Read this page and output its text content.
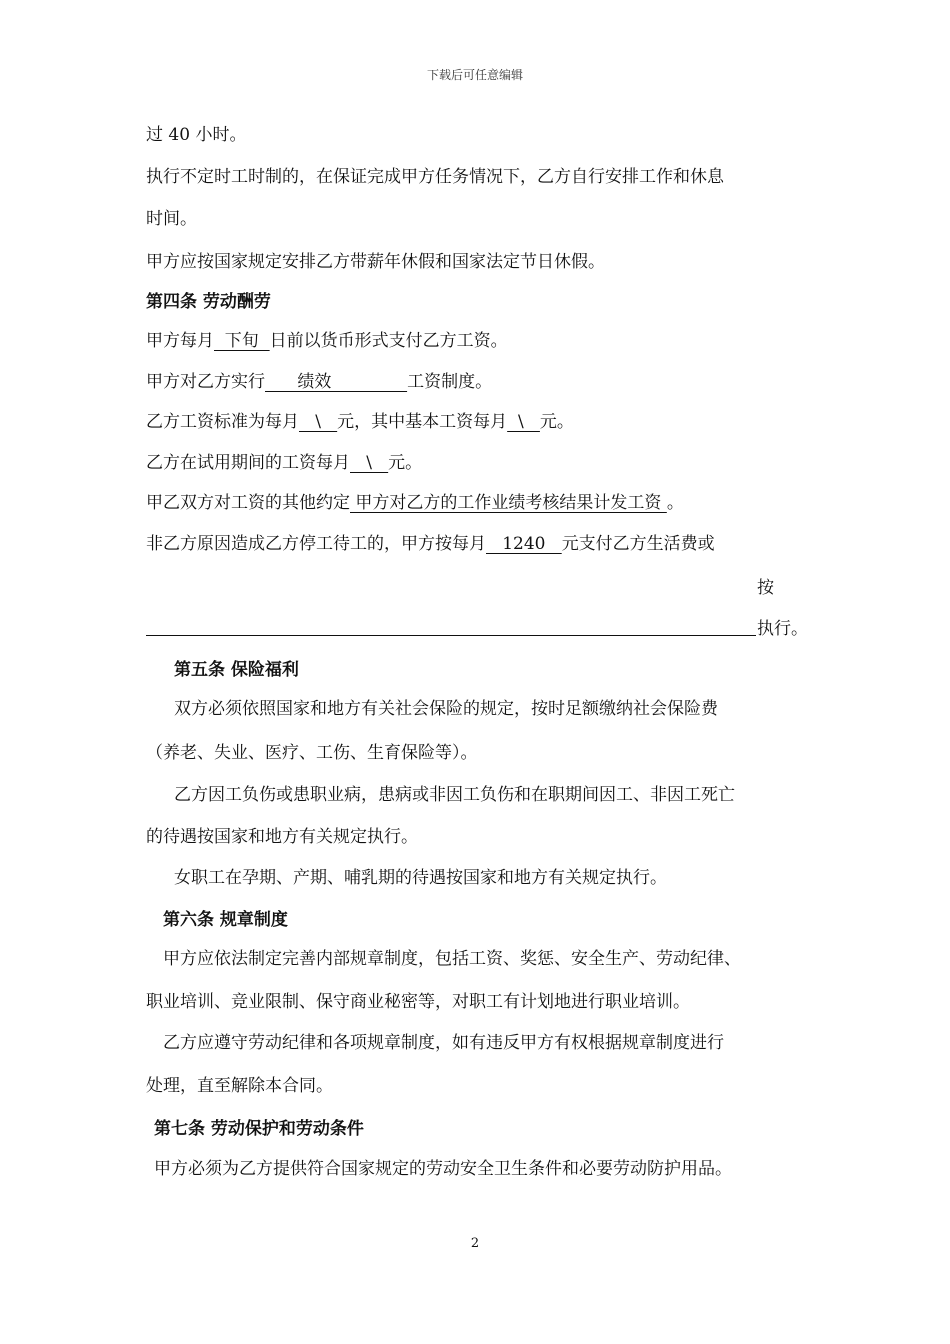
下载后可任意编辑
过 40 小时。
执行不定时工时制的，在保证完成甲方任务情况下，乙方自行安排工作和休息
时间。
甲方应按国家规定安排乙方带薪年休假和国家法定节日休假。
第四条 劳动酬劳
甲方每月  下旬  日前以货币形式支付乙方工资。
甲方对乙方实行      绩效              工资制度。
乙方工资标准为每月   \   元，其中基本工资每月  \   元。
乙方在试用期间的工资每月   \   元。
甲乙双方对工资的其他约定 甲方对乙方的工作业绩考核结果计发工资 。
非乙方原因造成乙方停工待工的，甲方按每月   1240   元支付乙方生活费或
按
执行。
第五条 保险福利
双方必须依照国家和地方有关社会保险的规定，按时足额缴纳社会保险费
（养老、失业、医疗、工伤、生育保险等）。
乙方因工负伤或患职业病，患病或非因工负伤和在职期间因工、非因工死亡
的待遇按国家和地方有关规定执行。
女职工在孕期、产期、哺乳期的待遇按国家和地方有关规定执行。
第六条 规章制度
甲方应依法制定完善内部规章制度，包括工资、奖惩、安全生产、劳动纪律、
职业培训、竞业限制、保守商业秘密等，对职工有计划地进行职业培训。
乙方应遵守劳动纪律和各项规章制度，如有违反甲方有权根据规章制度进行
处理，直至解除本合同。
第七条 劳动保护和劳动条件
甲方必须为乙方提供符合国家规定的劳动安全卫生条件和必要劳动防护用品。
2
